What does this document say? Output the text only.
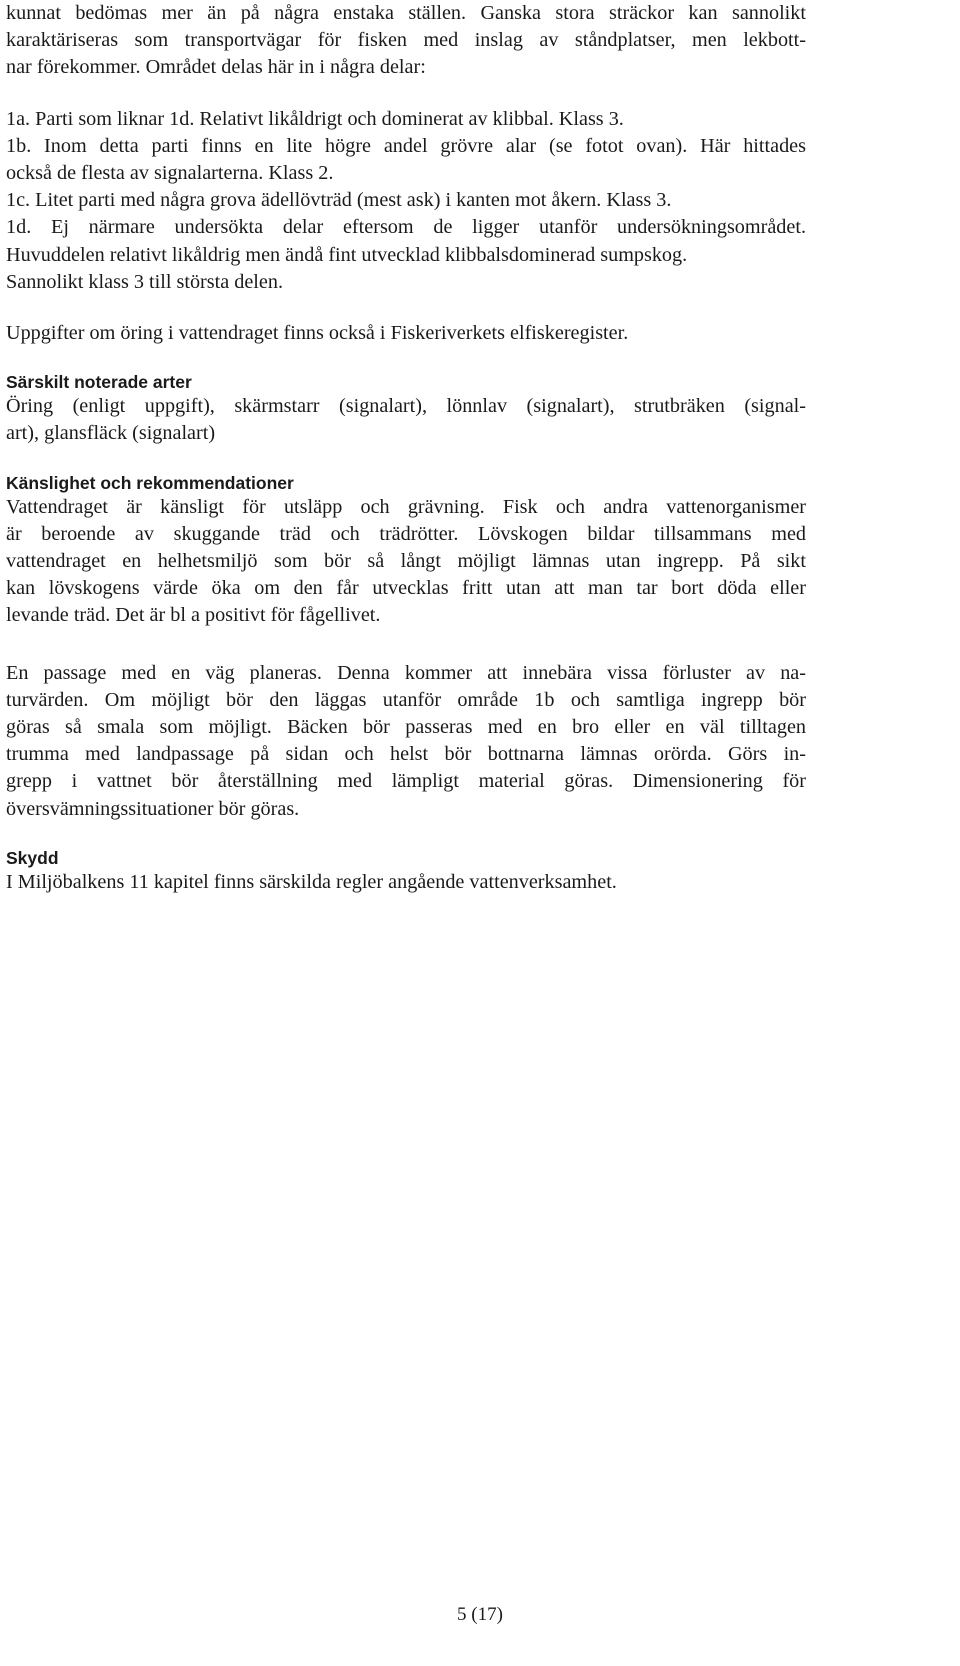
kunnat bedömas mer än på några enstaka ställen. Ganska stora sträckor kan sannolikt
karaktäriseras som transportvägar för fisken med inslag av ståndplatser, men lekbott-
nar förekommer. Området delas här in i några delar:

1a. Parti som liknar 1d. Relativt likåldrigt och dominerat av klibbal. Klass 3.
1b. Inom detta parti finns en lite högre andel grövre alar (se fotot ovan). Här hittades
också de flesta av signalarterna. Klass 2.
1c. Litet parti med några grova ädellövträd (mest ask) i kanten mot åkern. Klass 3.
1d. Ej närmare undersökta delar eftersom de ligger utanför undersökningsområdet.
Huvuddelen relativt likåldrig men ändå fint utvecklad klibbalsdominerad sumpskog.
Sannolikt klass 3 till största delen.

Uppgifter om öring i vattendraget finns också i Fiskeriverkets elfiskeregister.

Särskilt noterade arter

Öring (enligt uppgift), skärmstarr (signalart), lönnlav (signalart), strutbräken (signal-
art), glansfläck (signalart)

Känslighet och rekommendationer

Vattendraget är känsligt för utsläpp och grävning. Fisk och andra vattenorganismer
är beroende av skuggande träd och trädrötter. Lövskogen bildar tillsammans med
vattendraget en helhetsmiljö som bör så långt möjligt lämnas utan ingrepp. På sikt
kan lövskogens värde öka om den får utvecklas fritt utan att man tar bort döda eller
levande träd. Det är bl a positivt för fågellivet.

En passage med en väg planeras. Denna kommer att innebära vissa förluster av na-
turvärden. Om möjligt bör den läggas utanför område 1b och samtliga ingrepp bör
göras så smala som möjligt. Bäcken bör passeras med en bro eller en väl tilltagen
trumma med landpassage på sidan och helst bör bottnarna lämnas orörda. Görs in-
grepp i vattnet bör återställning med lämpligt material göras. Dimensionering för
översvämningssituationer bör göras.

Skydd

I Miljöbalkens 11 kapitel finns särskilda regler angående vattenverksamhet.

5 (17)
